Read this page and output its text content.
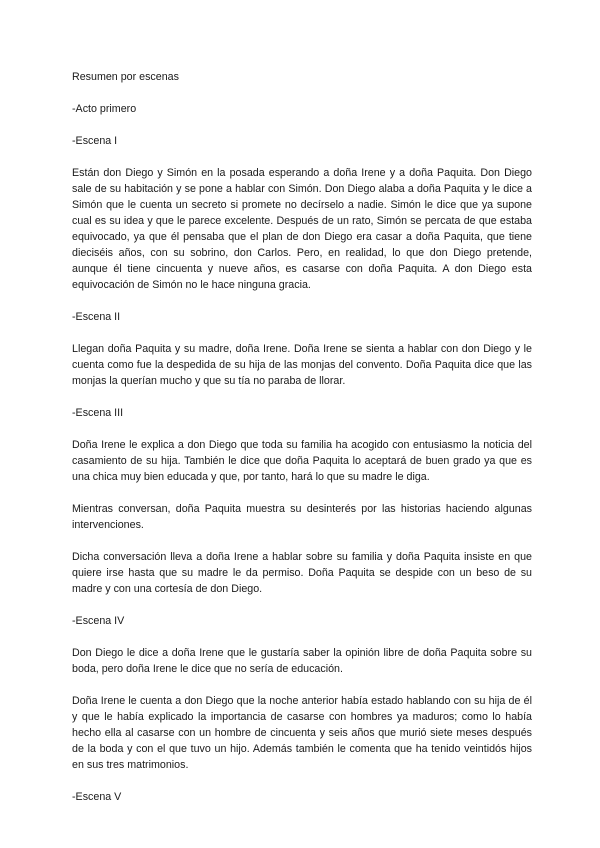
Resumen por escenas
-Acto primero
-Escena I
Están don Diego y Simón en la posada esperando a doña Irene y a doña Paquita. Don Diego sale de su habitación y se pone a hablar con Simón. Don Diego alaba a doña Paquita y le dice a Simón que le cuenta un secreto si promete no decírselo a nadie. Simón le dice que ya supone cual es su idea y que le parece excelente. Después de un rato, Simón se percata de que estaba equivocado, ya que él pensaba que el plan de don Diego era casar a doña Paquita, que tiene dieciséis años, con su sobrino, don Carlos. Pero, en realidad, lo que don Diego pretende, aunque él tiene cincuenta y nueve años, es casarse con doña Paquita. A don Diego esta equivocación de Simón no le hace ninguna gracia.
-Escena II
Llegan doña Paquita y su madre, doña Irene. Doña Irene se sienta a hablar con don Diego y le cuenta como fue la despedida de su hija de las monjas del convento. Doña Paquita dice que las monjas la querían mucho y que su tía no paraba de llorar.
-Escena III
Doña Irene le explica a don Diego que toda su familia ha acogido con entusiasmo la noticia del casamiento de su hija. También le dice que doña Paquita lo aceptará de buen grado ya que es una chica muy bien educada y que, por tanto, hará lo que su madre le diga.
Mientras conversan, doña Paquita muestra su desinterés por las historias haciendo algunas intervenciones.
Dicha conversación lleva a doña Irene a hablar sobre su familia y doña Paquita insiste en que quiere irse hasta que su madre le da permiso. Doña Paquita se despide con un beso de su madre y con una cortesía de don Diego.
-Escena IV
Don Diego le dice a doña Irene que le gustaría saber la opinión libre de doña Paquita sobre su boda, pero doña Irene le dice que no sería de educación.
Doña Irene le cuenta a don Diego que la noche anterior había estado hablando con su hija de él y que le había explicado la importancia de casarse con hombres ya maduros; como lo había hecho ella al casarse con un hombre de cincuenta y seis años que murió siete meses después de la boda y con el que tuvo un hijo. Además también le comenta que ha tenido veintidós hijos en sus tres matrimonios.
-Escena V
